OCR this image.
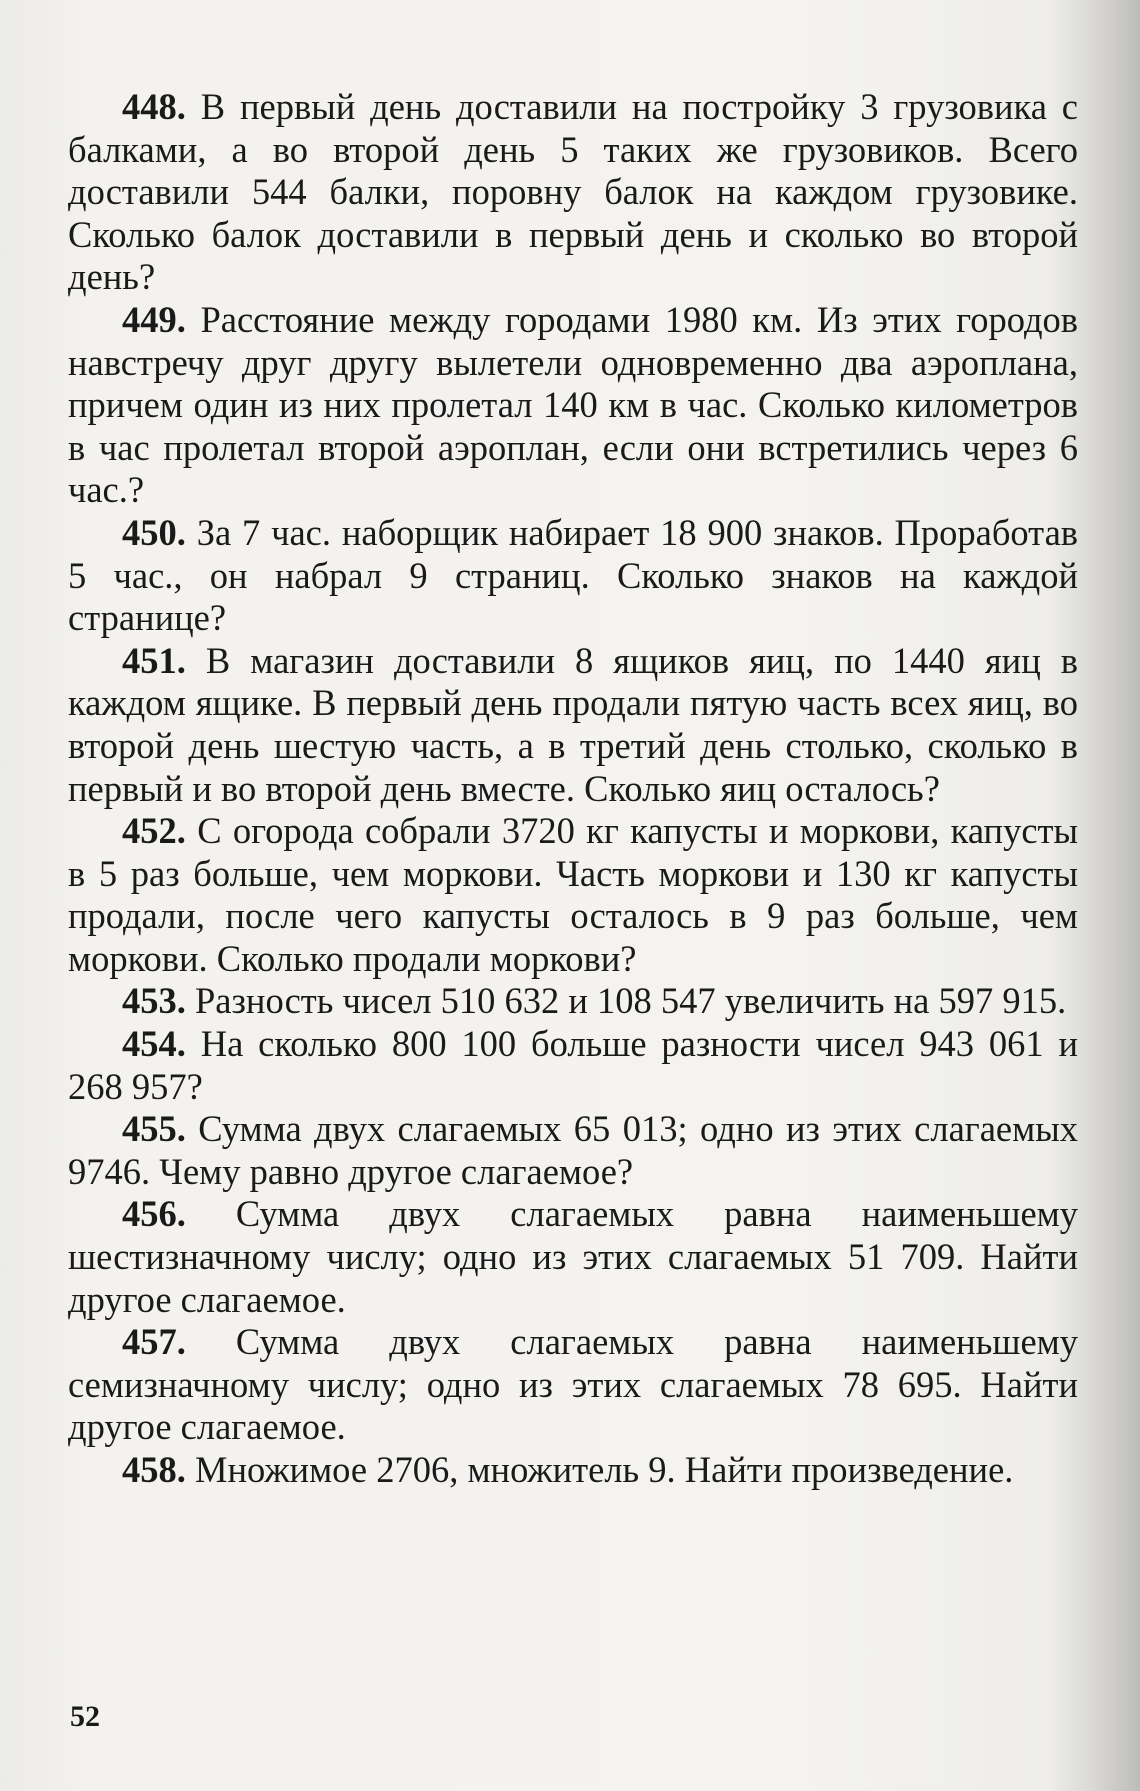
448. В первый день доставили на постройку 3 грузовика с балками, а во второй день 5 таких же грузовиков. Всего доставили 544 балки, поровну балок на каждом грузовике. Сколько балок доставили в первый день и сколько во второй день?

449. Расстояние между городами 1980 км. Из этих городов навстречу друг другу вылетели одновременно два аэроплана, причем один из них пролетал 140 км в час. Сколько километров в час пролетал второй аэроплан, если они встретились через 6 час.?

450. За 7 час. наборщик набирает 18 900 знаков. Проработав 5 час., он набрал 9 страниц. Сколько знаков на каждой странице?

451. В магазин доставили 8 ящиков яиц, по 1440 яиц в каждом ящике. В первый день продали пятую часть всех яиц, во второй день шестую часть, а в третий день столько, сколько в первый и во второй день вместе. Сколько яиц осталось?

452. С огорода собрали 3720 кг капусты и моркови, капусты в 5 раз больше, чем моркови. Часть моркови и 130 кг капусты продали, после чего капусты осталось в 9 раз больше, чем моркови. Сколько продали моркови?

453. Разность чисел 510 632 и 108 547 увеличить на 597 915.

454. На сколько 800 100 больше разности чисел 943 061 и 268 957?

455. Сумма двух слагаемых 65 013; одно из этих слагаемых 9746. Чему равно другое слагаемое?

456. Сумма двух слагаемых равна наименьшему шестизначному числу; одно из этих слагаемых 51 709. Найти другое слагаемое.

457. Сумма двух слагаемых равна наименьшему семизначному числу; одно из этих слагаемых 78 695. Найти другое слагаемое.

458. Множимое 2706, множитель 9. Найти произведение.

52
